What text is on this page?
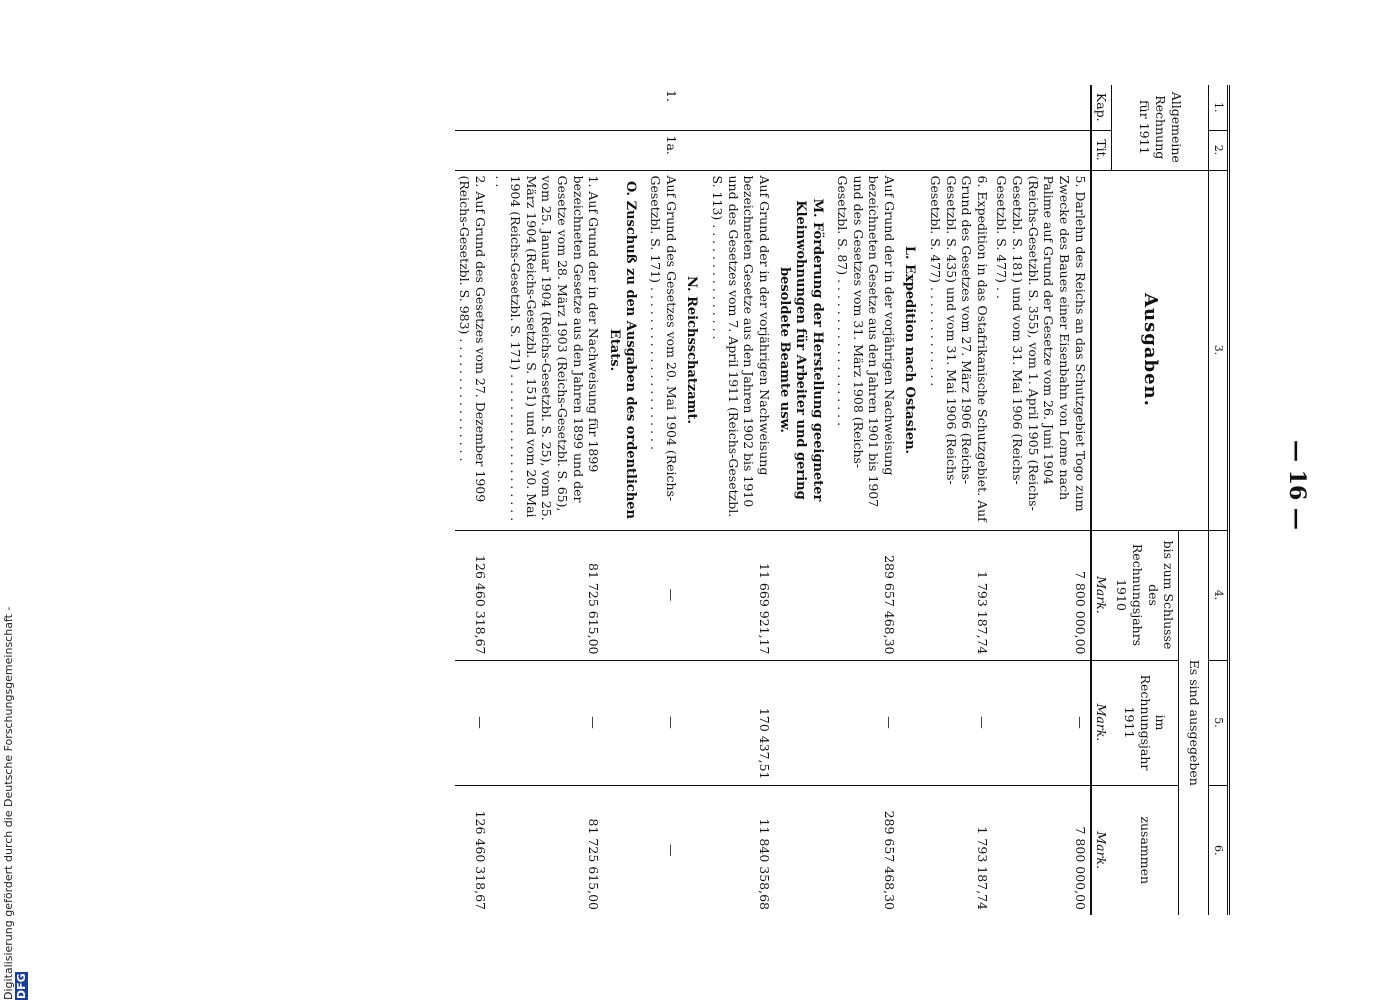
— 16 —
Digitalisierung gefördert durch die Deutsche Forschungsgemeinschaft - DFG
1.	2.	3.	4.	5.	6.
Allgemeine Rechnung für 1911		Ausgaben.	Es sind ausgegeben		
			bis zum Schlusse des Rechnungsjahrs 1910	im Rechnungsjahr 1911	zusammen
Kap.	Tit.		Mark.	Mark.	Mark.
		5. Darlehn des Reichs an das Schutzgebiet Togo zum Zwecke des Baues einer Eisenbahn von Lome nach Palime auf Grund der Gesetze vom 26. Juni 1904 (Reichs-Gesetzbl. S. 355), vom 1. April 1905 (Reichs-Gesetzbl. S. 181) und vom 31. Mai 1906 (Reichs-Gesetzbl. S. 477) . .	7 800 000,00	—	7 800 000,00
		6. Expedition in das Ostafrikanische Schutzgebiet. Auf Grund des Gesetzes vom 27. März 1906 (Reichs-Gesetzbl. S. 435) und vom 31. Mai 1906 (Reichs-Gesetzbl. S. 477) . . . . . . . . . . . . .	1 793 187,74	—	1 793 187,74
		L. Expedition nach Ostasien.			
		Auf Grund der in der vorjährigen Nachweisung bezeichneten Gesetze aus den Jahren 1901 bis 1907 und des Gesetzes vom 31. März 1908 (Reichs-Gesetzbl. S. 87) . . . . . . . . . . . . . . . . . . .	289 657 468,30	—	289 657 468,30
		M. Förderung der Herstellung geeigneter Kleinwohnungen für Arbeiter und gering besoldete Beamte usw.			
		Auf Grund der in der vorjährigen Nachweisung bezeichneten Gesetze aus den Jahren 1902 bis 1910 und des Gesetzes vom 7. April 1911 (Reichs-Gesetzbl. S. 113) . . . . . . . . . . . . . . .	11 669 921,17	170 437,51	11 840 358,68
		N. Reichsschatzamt.			
1.	1a.	Auf Grund des Gesetzes vom 20. Mai 1904 (Reichs-Gesetzbl. S. 171) . . . . . . . . . . . . . . . . . . . . .	—	—	—
		O. Zuschuß zu den Ausgaben des ordentlichen Etats.			
		1. Auf Grund der in der Nachweisung für 1899 bezeichneten Gesetze aus den Jahren 1899 und der Gesetze vom 28. März 1903 (Reichs-Gesetzbl. S. 65), vom 25. Januar 1904 (Reichs-Gesetzbl. S. 25), vom 25. März 1904 (Reichs-Gesetzbl. S. 151) und vom 20. Mai 1904 (Reichs-Gesetzbl. S. 171) . . . . . . . . . . . . . . . . . . . . .	81 725 615,00	—	81 725 615,00
		2. Auf Grund des Gesetzes vom 27. Dezember 1909 (Reichs-Gesetzbl. S. 983) . . . . . . . . . . . . . . . .	126 460 318,67	—	126 460 318,67
